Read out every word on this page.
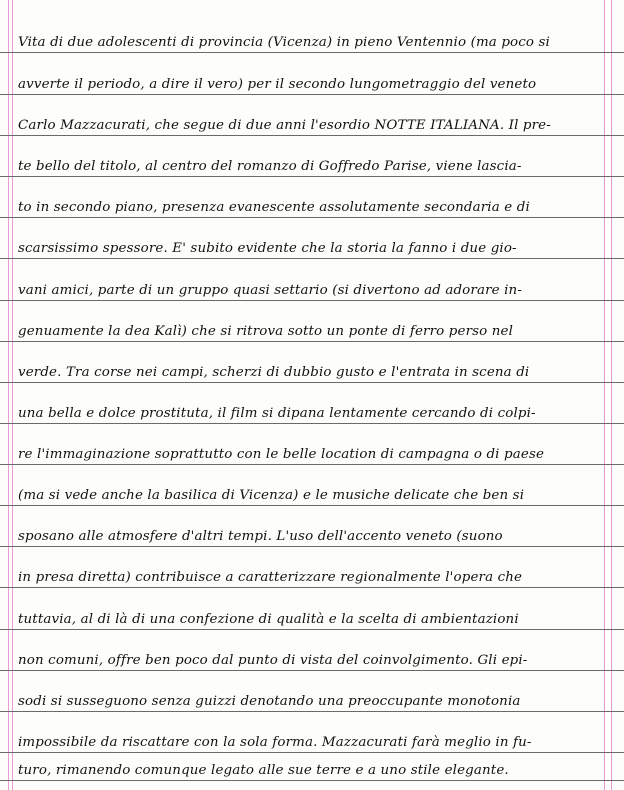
Vita di due adolescenti di provincia (Vicenza) in pieno Ventennio (ma poco si
avverte il periodo, a dire il vero) per il secondo lungometraggio del veneto
Carlo Mazzacurati, che segue di due anni l'esordio NOTTE ITALIANA. Il pre-
te bello del titolo, al centro del romanzo di Goffredo Parise, viene lascia-
to in secondo piano, presenza evanescente assolutamente secondaria e di
scarsissimo spessore. E' subito evidente che la storia la fanno i due gio-
vani amici, parte di un gruppo quasi settario (si divertono ad adorare in-
genuamente la dea Kalì) che si ritrova sotto un ponte di ferro perso nel
verde. Tra corse nei campi, scherzi di dubbio gusto e l'entrata in scena di
una bella e dolce prostituta, il film si dipana lentamente cercando di colpi-
re l'immaginazione soprattutto con le belle location di campagna o di paese
(ma si vede anche la basilica di Vicenza) e le musiche delicate che ben si
sposano alle atmosfere d'altri tempi. L'uso dell'accento veneto (suono
in presa diretta) contribuisce a caratterizzare regionalmente l'opera che
tuttavia, al di là di una confezione di qualità e la scelta di ambientazioni
non comuni, offre ben poco dal punto di vista del coinvolgimento. Gli epi-
sodi si susseguono senza guizzi denotando una preoccupante monotonia
impossibile da riscattare con la sola forma. Mazzacurati farà meglio in fu-
turo, rimanendo comunque legato alle sue terre e a uno stile elegante.
